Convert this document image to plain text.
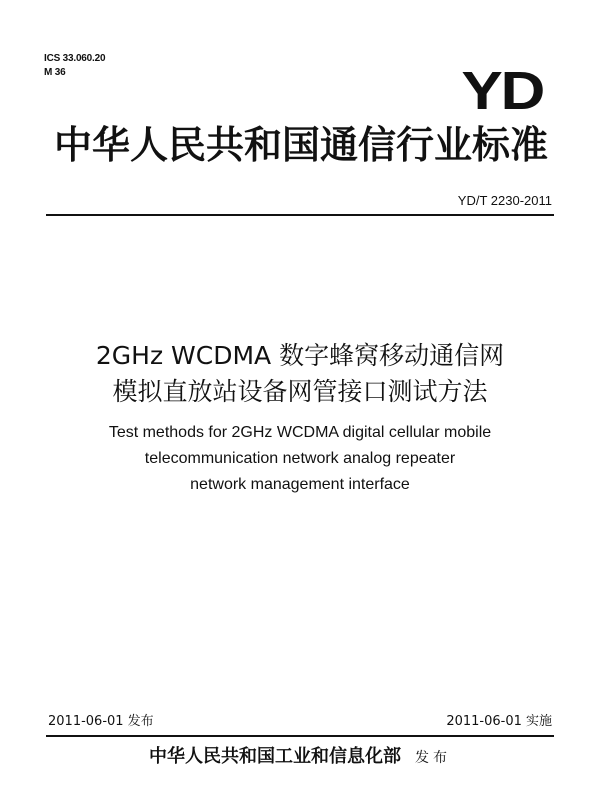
ICS 33.060.20
M 36	YD
中华人民共和国通信行业标准
YD/T 2230-2011
2GHz WCDMA 数字蜂窝移动通信网
模拟直放站设备网管接口测试方法
Test methods for 2GHz WCDMA digital cellular mobile
telecommunication network analog repeater
network management interface
2011-06-01 发布	2011-06-01 实施
中华人民共和国工业和信息化部 发布
